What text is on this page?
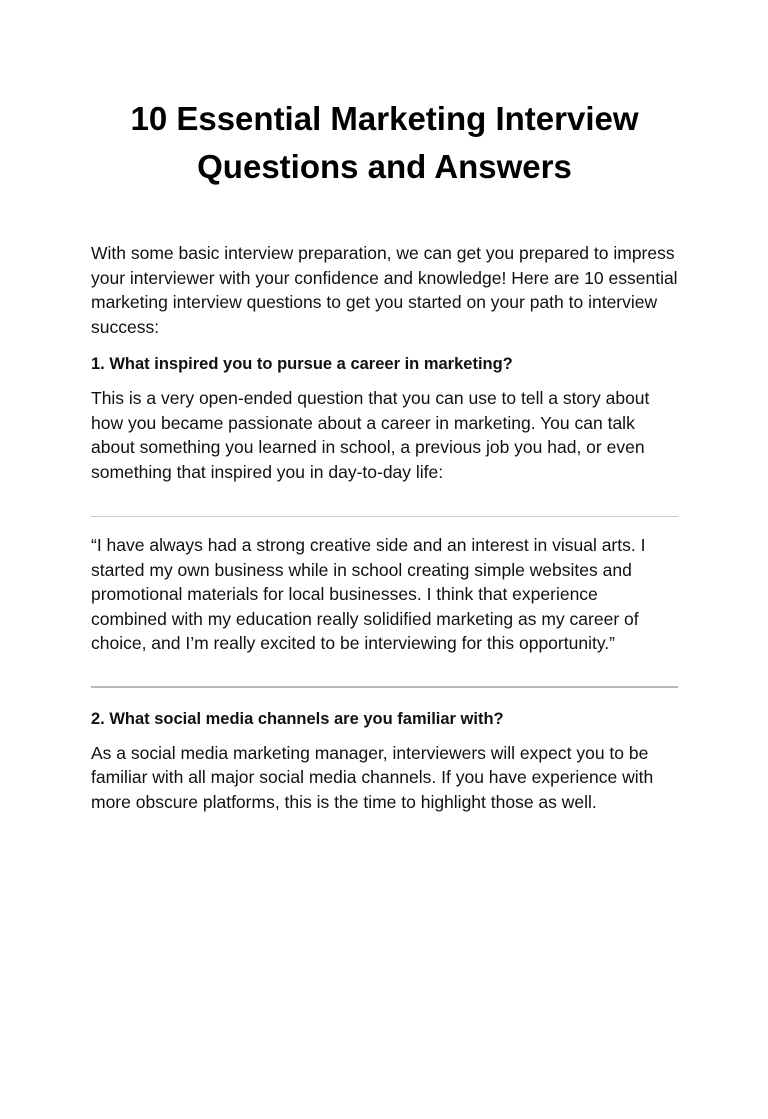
10 Essential Marketing Interview
Questions and Answers

With some basic interview preparation, we can get you prepared to impress your interviewer with your confidence and knowledge! Here are 10 essential marketing interview questions to get you started on your path to interview success:

1. What inspired you to pursue a career in marketing?

This is a very open-ended question that you can use to tell a story about how you became passionate about a career in marketing. You can talk about something you learned in school, a previous job you had, or even something that inspired you in day-to-day life:

“I have always had a strong creative side and an interest in visual arts. I started my own business while in school creating simple websites and promotional materials for local businesses. I think that experience combined with my education really solidified marketing as my career of choice, and I’m really excited to be interviewing for this opportunity.”

2. What social media channels are you familiar with?

As a social media marketing manager, interviewers will expect you to be familiar with all major social media channels. If you have experience with more obscure platforms, this is the time to highlight those as well.
